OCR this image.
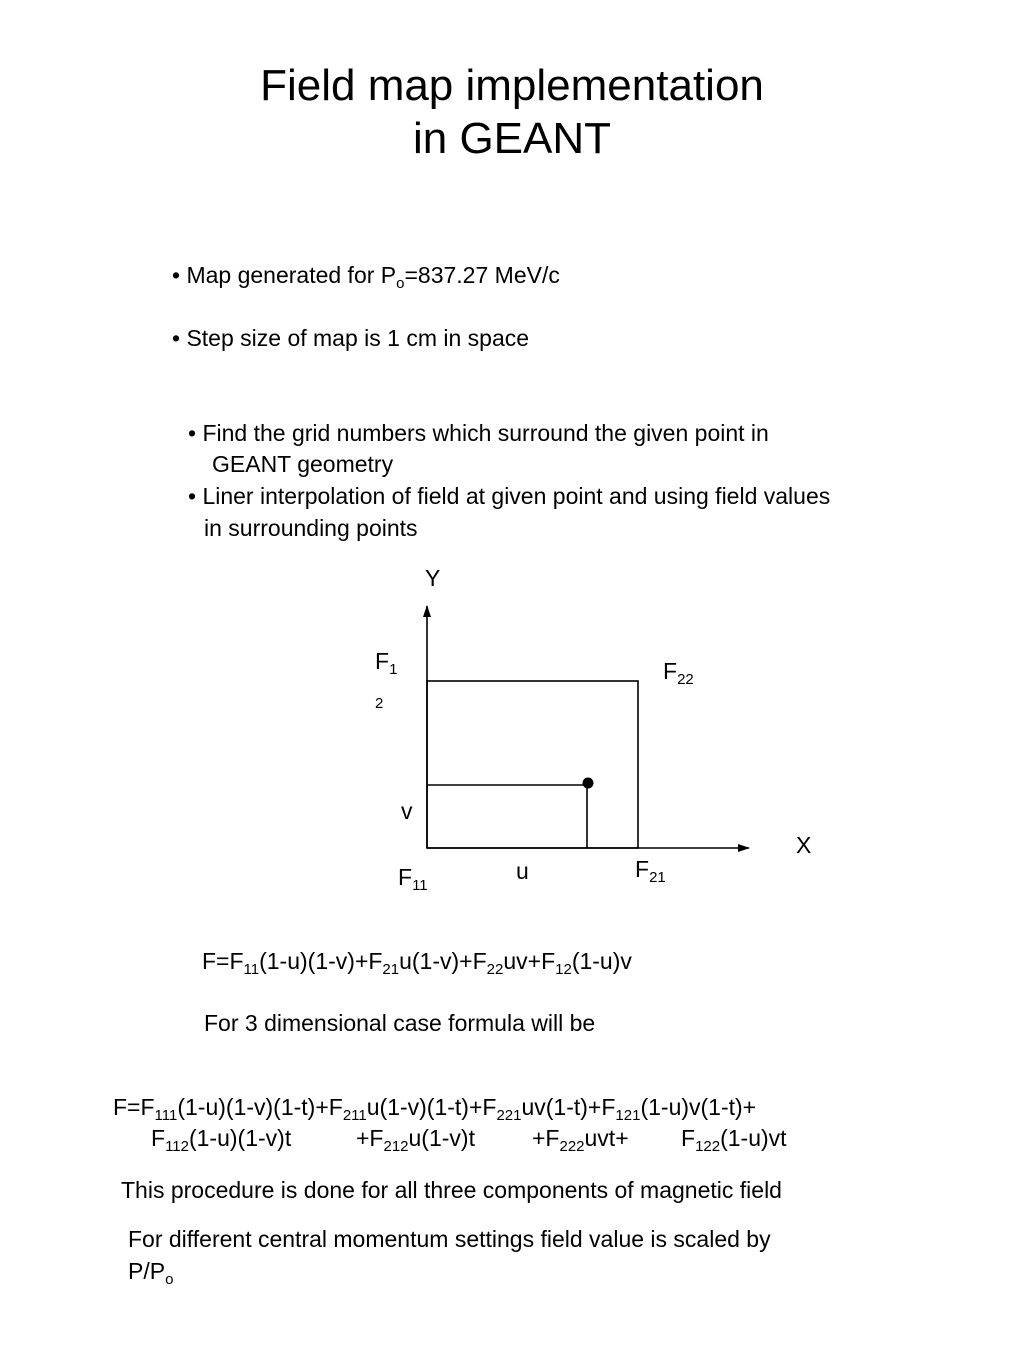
Field map implementation
in GEANT
• Map generated for $P_o=837.27$ MeV/c
• Step size of map is 1 cm in space
• Find the grid numbers which surround the given point in
GEANT geometry
• Liner interpolation of field at given point and using field values
in surrounding points
Y
X
$F_1$
2
$F_{22}$
$F_{11}$
$F_{21}$
u
v
$F=F_{11}(1-u)(1-v)+F_{21}u(1-v)+F_{22}uv+F_{12}(1-u)v$
For 3 dimensional case formula will be
$F=F_{111}(1-u)(1-v)(1-t)+F_{211}u(1-v)(1-t)+F_{221}uv(1-t)+F_{121}(1-u)v(1-t)+$
$F_{112}(1-u)(1-v)t$	$+F_{212}u(1-v)t +F_{222}uvt+ F_{122}(1-u)vt$
This procedure is done for all three components of magnetic field
For different central momentum settings field value is scaled by
$P/P_o$
